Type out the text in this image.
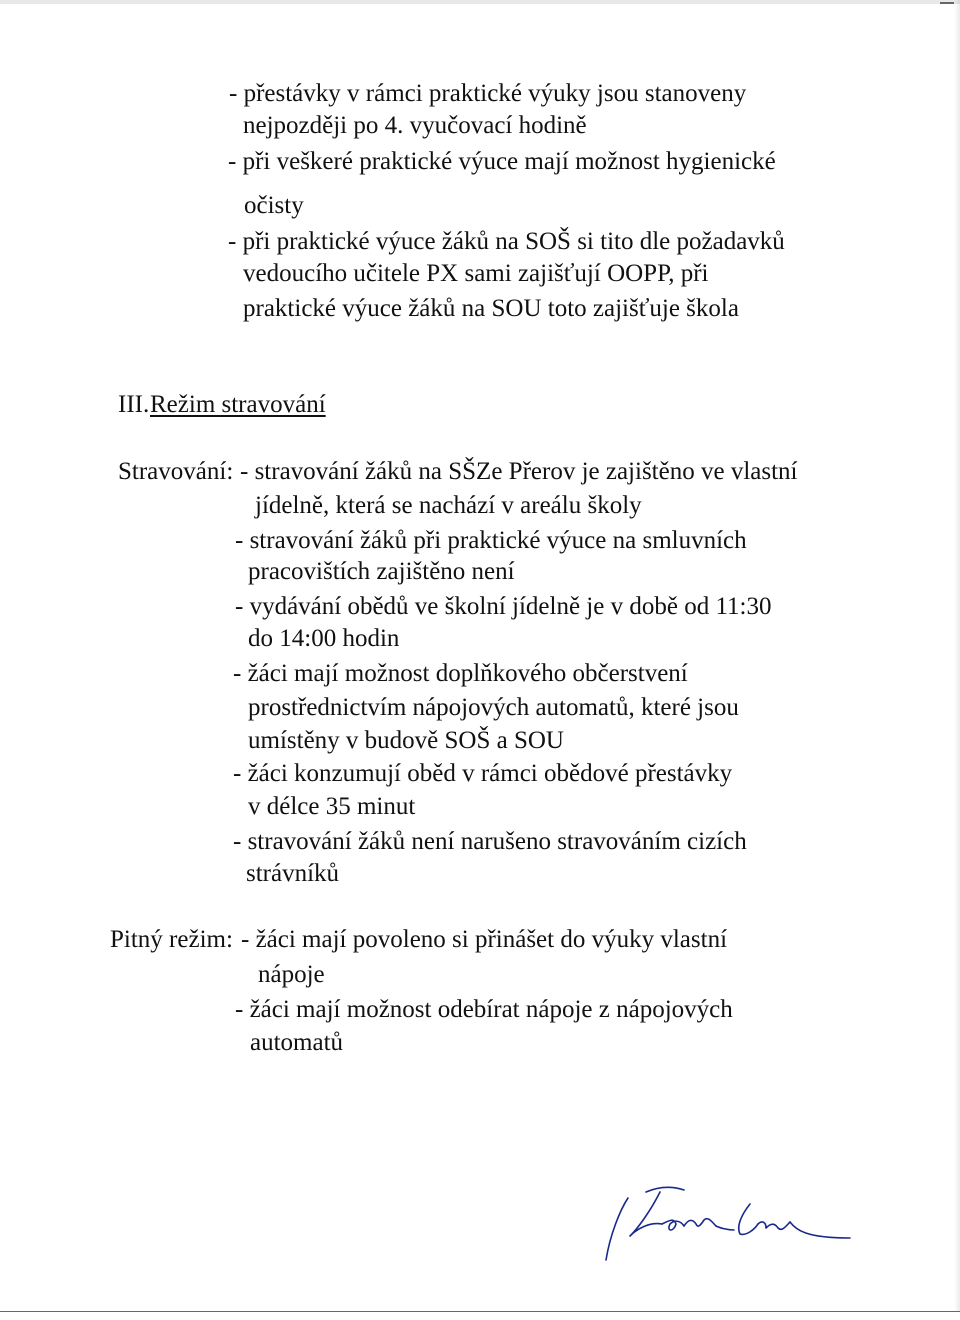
- přestávky v rámci praktické výuky jsou stanoveny
nejpozději po 4. vyučovací hodině
- při veškeré praktické výuce mají možnost hygienické
očisty
- při praktické výuce žáků na SOŠ si tito dle požadavků
vedoucího učitele PX sami zajišťují OOPP, při
praktické výuce žáků na SOU toto zajišťuje škola
III. Režim stravování
Stravování: - stravování žáků na SŠZe Přerov je zajištěno ve vlastní
jídelně, která se nachází v areálu školy
- stravování žáků při praktické výuce na smluvních
pracovištích zajištěno není
- vydávání obědů ve školní jídelně je v době od 11:30
do 14:00 hodin
- žáci mají možnost doplňkového občerstvení
prostřednictvím nápojových automatů, které jsou
umístěny v budově SOŠ a SOU
- žáci konzumují oběd v rámci obědové přestávky
v délce 35 minut
- stravování žáků není narušeno stravováním cizích
strávníků
Pitný režim: - žáci mají povoleno si přinášet do výuky vlastní
nápoje
- žáci mají možnost odebírat nápoje z nápojových
automatů
